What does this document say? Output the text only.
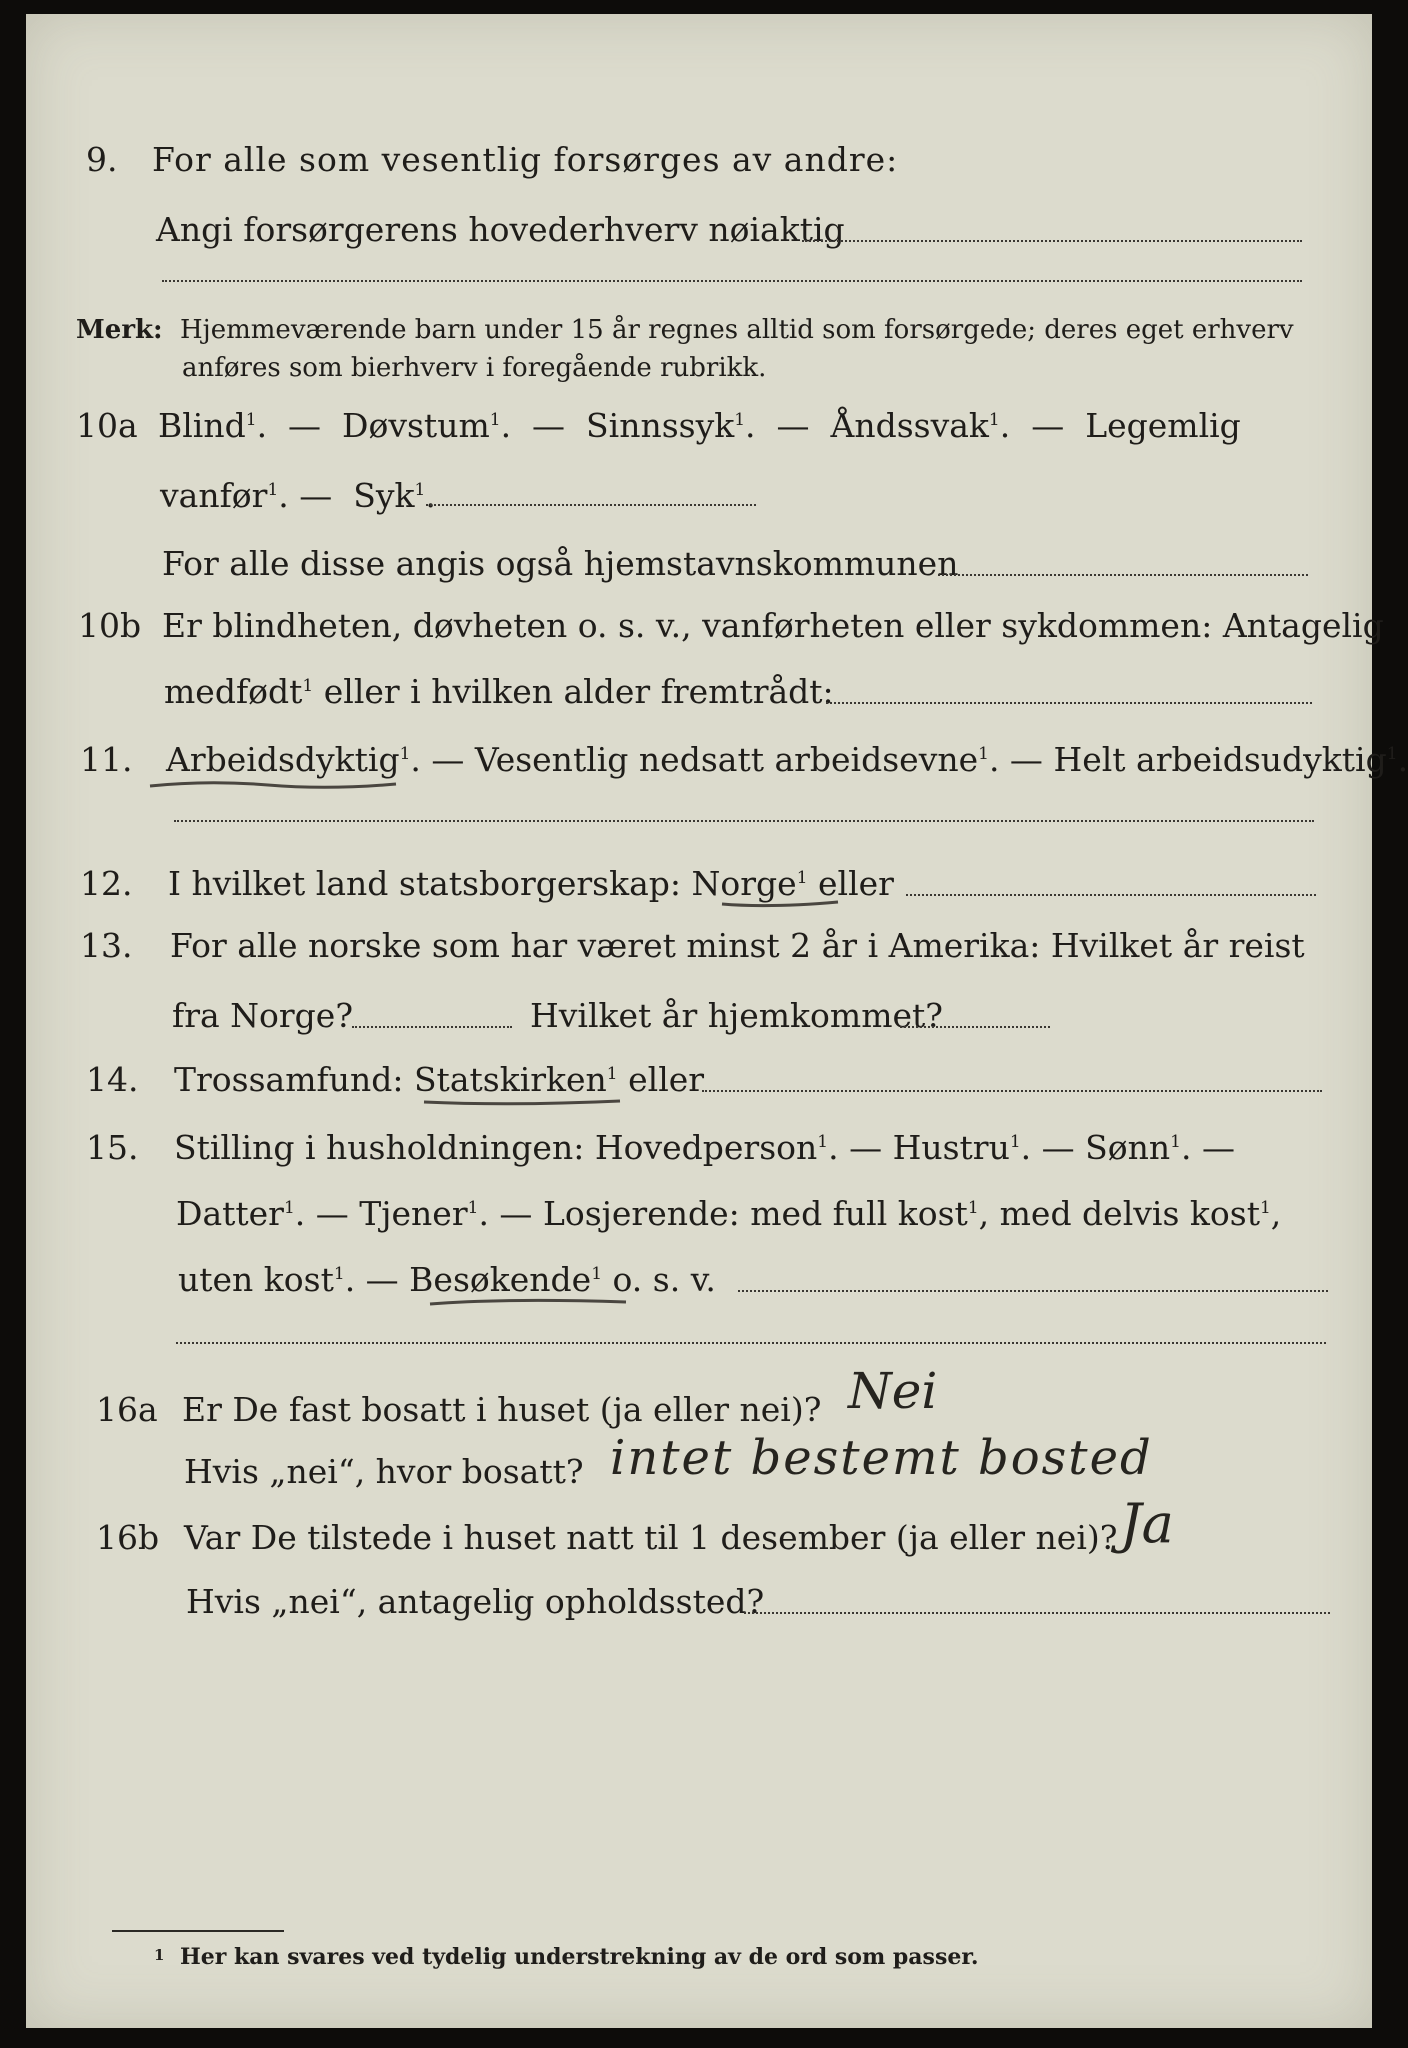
9. For alle som vesentlig forsørges av andre:
Angi forsørgerens hovederhverv nøiaktig
Merk: Hjemmeværende barn under 15 år regnes alltid som forsørgede; deres eget erhverv
anføres som bierhverv i foregående rubrikk.
10a Blind$^1$.  —  Døvstum$^1$.  —  Sinnssyk$^1$.  —  Åndssvak$^1$.  —  Legemlig
vanfør$^1$. —  Syk$^1$.
For alle disse angis også hjemstavnskommunen
10b Er blindheten, døvheten o. s. v., vanførheten eller sykdommen: Antagelig
medfødt$^1$ eller i hvilken alder fremtrådt:
11. Arbeidsdyktig$^1$. — Vesentlig nedsatt arbeidsevne$^1$. — Helt arbeidsudyktig$^1$.
12. I hvilket land statsborgerskap: Norge$^1$ eller
13. For alle norske som har været minst 2 år i Amerika: Hvilket år reist
fra Norge?	Hvilket år hjemkommet?
14. Trossamfund: Statskirken$^1$ eller
15. Stilling i husholdningen: Hovedperson$^1$. — Hustru$^1$. — Sønn$^1$. —
Datter$^1$. — Tjener$^1$. — Losjerende: med full kost$^1$, med delvis kost$^1$,
uten kost$^1$. — Besøkende$^1$ o. s. v.
16a Er De fast bosatt i huset (ja eller nei)? Nei
Hvis „nei“, hvor bosatt? intet bestemt bosted
16b Var De tilstede i huset natt til 1 desember (ja eller nei)? Ja
Hvis „nei“, antagelig opholdssted?
1 Her kan svares ved tydelig understrekning av de ord som passer.
